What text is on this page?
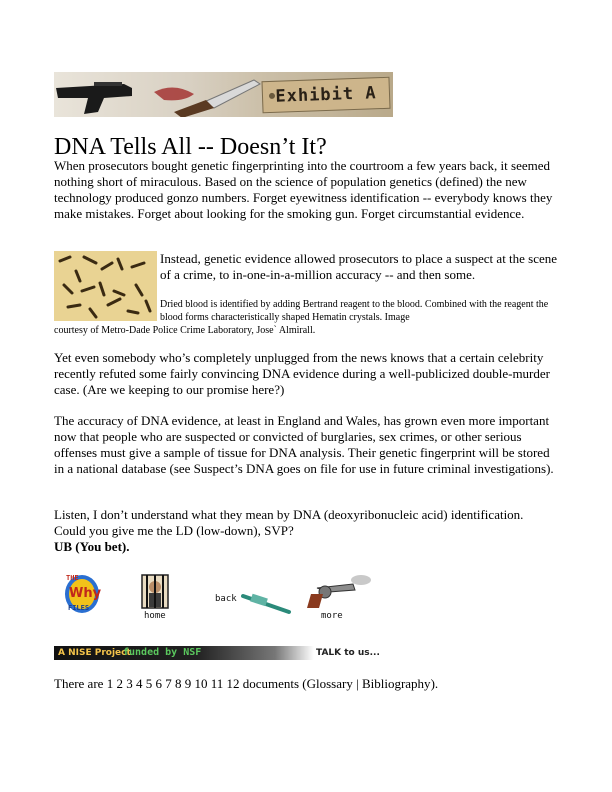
Exhibit A
DNA Tells All -- Doesn’t It?
When prosecutors bought genetic fingerprinting into the courtroom a few years back, it seemed nothing short of miraculous. Based on the science of population genetics (defined) the new technology produced gonzo numbers. Forget eyewitness identification -- everybody knows they make mistakes. Forget about looking for the smoking gun. Forget circumstantial evidence.
Instead, genetic evidence allowed prosecutors to place a suspect at the scene of a crime, to in-one-in-a-million accuracy -- and then some.
Dried blood is identified by adding Bertrand reagent to the blood. Combined with the reagent the blood forms characteristically shaped Hematin crystals. Image
courtesy of Metro-Dade Police Crime Laboratory, Jose` Almirall.
Yet even somebody who’s completely unplugged from the news knows that a certain celebrity recently refuted some fairly convincing DNA evidence during a well-publicized double-murder case. (Are we keeping to our promise here?)
The accuracy of DNA evidence, at least in England and Wales, has grown even more important now that people who are suspected or convicted of burglaries, sex crimes, or other serious offenses must give a sample of tissue for DNA analysis. Their genetic fingerprint will be stored in a national database (see Suspect’s DNA goes on file for use in future criminal investigations).
Listen, I don’t understand what they mean by DNA (deoxyribonucleic acid) identification. Could you give me the LD (low-down), SVP?
UB (You bet).
THE
Why
FILES
home
back
more
A NISE Project
funded by NSF	TALK to us...
There are 1 2 3 4 5 6 7 8 9 10 11 12 documents (Glossary | Bibliography).
